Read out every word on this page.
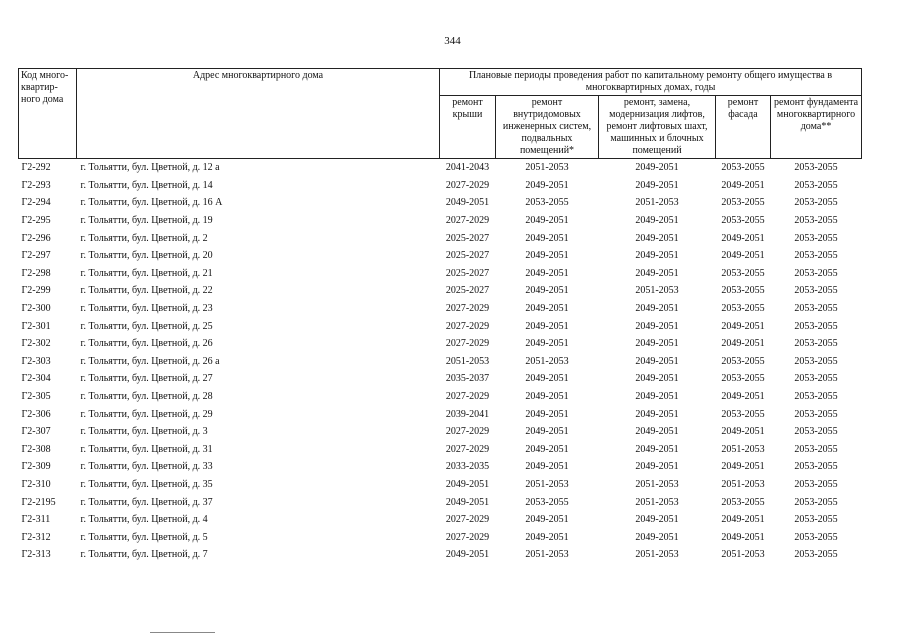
344
Код много-квартир-ного дома	Адрес многоквартирного дома	Плановые периоды проведения работ по капитальному ремонту общего имущества в многоквартирных домах, годы				
		ремонт крыши	ремонт внутридомовых инженерных систем, подвальных помещений*	ремонт, замена, модернизация лифтов, ремонт лифтовых шахт, машинных и блочных помещений	ремонт фасада	ремонт фундамента многоквартирного дома**
Г2-292	г. Тольятти, бул. Цветной, д. 12 а	2041-2043	2051-2053	2049-2051	2053-2055	2053-2055
Г2-293	г. Тольятти, бул. Цветной, д. 14	2027-2029	2049-2051	2049-2051	2049-2051	2053-2055
Г2-294	г. Тольятти, бул. Цветной, д. 16 А	2049-2051	2053-2055	2051-2053	2053-2055	2053-2055
Г2-295	г. Тольятти, бул. Цветной, д. 19	2027-2029	2049-2051	2049-2051	2053-2055	2053-2055
Г2-296	г. Тольятти, бул. Цветной, д. 2	2025-2027	2049-2051	2049-2051	2049-2051	2053-2055
Г2-297	г. Тольятти, бул. Цветной, д. 20	2025-2027	2049-2051	2049-2051	2049-2051	2053-2055
Г2-298	г. Тольятти, бул. Цветной, д. 21	2025-2027	2049-2051	2049-2051	2053-2055	2053-2055
Г2-299	г. Тольятти, бул. Цветной, д. 22	2025-2027	2049-2051	2051-2053	2053-2055	2053-2055
Г2-300	г. Тольятти, бул. Цветной, д. 23	2027-2029	2049-2051	2049-2051	2053-2055	2053-2055
Г2-301	г. Тольятти, бул. Цветной, д. 25	2027-2029	2049-2051	2049-2051	2049-2051	2053-2055
Г2-302	г. Тольятти, бул. Цветной, д. 26	2027-2029	2049-2051	2049-2051	2049-2051	2053-2055
Г2-303	г. Тольятти, бул. Цветной, д. 26 а	2051-2053	2051-2053	2049-2051	2053-2055	2053-2055
Г2-304	г. Тольятти, бул. Цветной, д. 27	2035-2037	2049-2051	2049-2051	2053-2055	2053-2055
Г2-305	г. Тольятти, бул. Цветной, д. 28	2027-2029	2049-2051	2049-2051	2049-2051	2053-2055
Г2-306	г. Тольятти, бул. Цветной, д. 29	2039-2041	2049-2051	2049-2051	2053-2055	2053-2055
Г2-307	г. Тольятти, бул. Цветной, д. 3	2027-2029	2049-2051	2049-2051	2049-2051	2053-2055
Г2-308	г. Тольятти, бул. Цветной, д. 31	2027-2029	2049-2051	2049-2051	2051-2053	2053-2055
Г2-309	г. Тольятти, бул. Цветной, д. 33	2033-2035	2049-2051	2049-2051	2049-2051	2053-2055
Г2-310	г. Тольятти, бул. Цветной, д. 35	2049-2051	2051-2053	2051-2053	2051-2053	2053-2055
Г2-2195	г. Тольятти, бул. Цветной, д. 37	2049-2051	2053-2055	2051-2053	2053-2055	2053-2055
Г2-311	г. Тольятти, бул. Цветной, д. 4	2027-2029	2049-2051	2049-2051	2049-2051	2053-2055
Г2-312	г. Тольятти, бул. Цветной, д. 5	2027-2029	2049-2051	2049-2051	2049-2051	2053-2055
Г2-313	г. Тольятти, бул. Цветной, д. 7	2049-2051	2051-2053	2051-2053	2051-2053	2053-2055
